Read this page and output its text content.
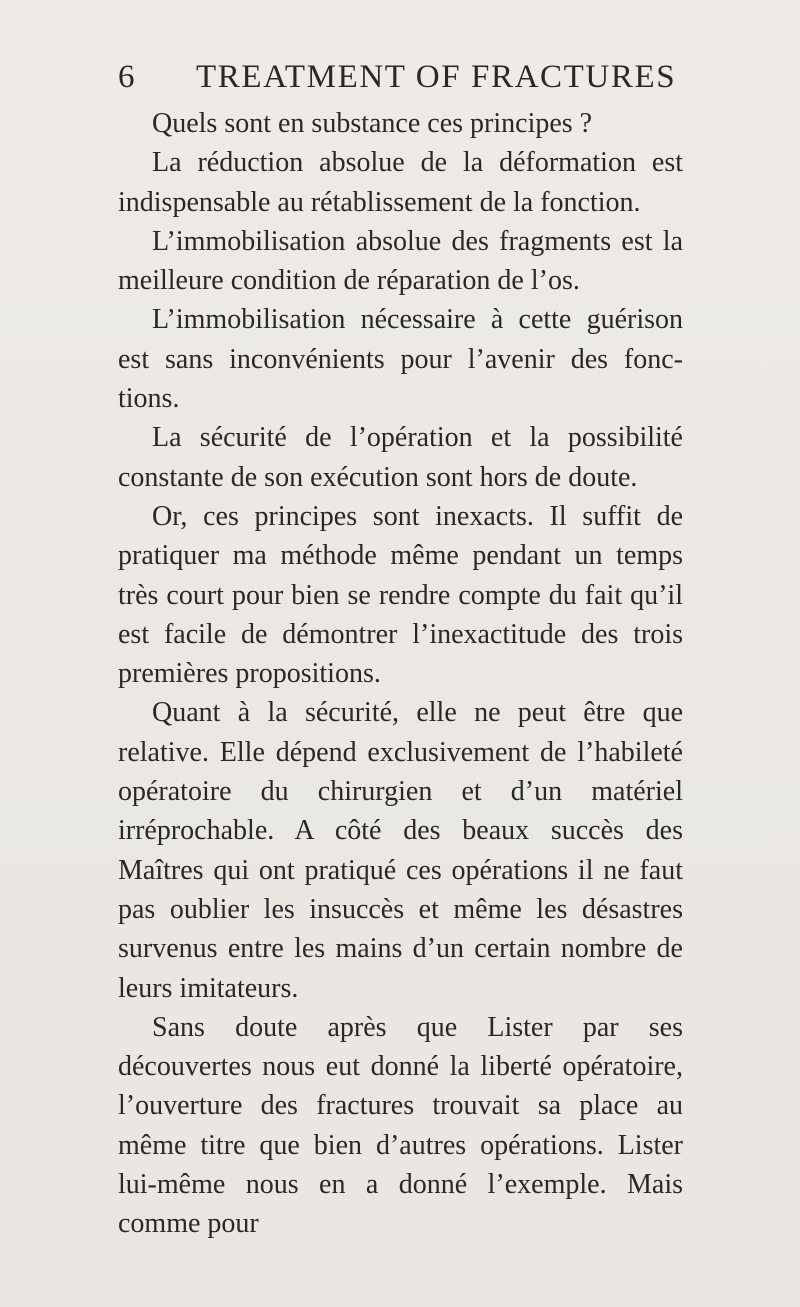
6 TREATMENT OF FRACTURES

Quels sont en substance ces principes ?

La réduction absolue de la déformation est indispensable au rétablissement de la fonction.

L’immobilisation absolue des fragments est la meilleure condition de réparation de l’os.

L’immobilisation nécessaire à cette guérison est sans inconvénients pour l’avenir des fonc-tions.

La sécurité de l’opération et la possibilité constante de son exécution sont hors de doute.

Or, ces principes sont inexacts. Il suffit de pratiquer ma méthode même pendant un temps très court pour bien se rendre compte du fait qu’il est facile de démontrer l’inexactitude des trois premières propositions.

Quant à la sécurité, elle ne peut être que relative. Elle dépend exclusivement de l’habileté opératoire du chirurgien et d’un matériel irréprochable. A côté des beaux succès des Maîtres qui ont pratiqué ces opérations il ne faut pas oublier les insuccès et même les désastres survenus entre les mains d’un certain nombre de leurs imitateurs.

Sans doute après que Lister par ses découvertes nous eut donné la liberté opératoire, l’ouverture des fractures trouvait sa place au même titre que bien d’autres opérations. Lister lui-même nous en a donné l’exemple. Mais comme pour
